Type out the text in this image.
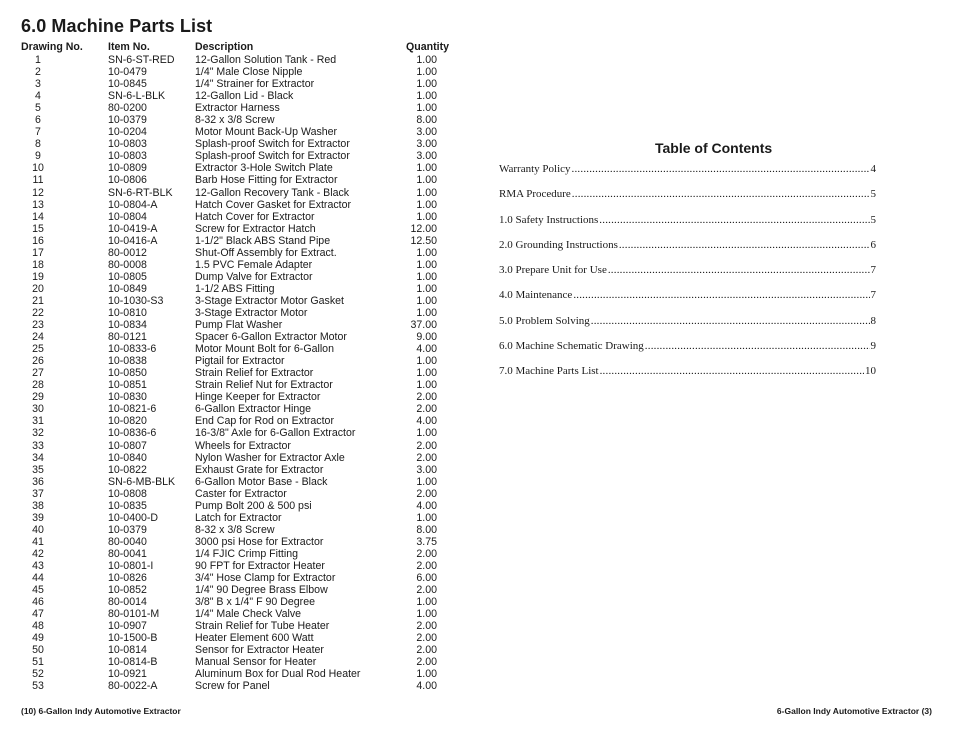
6.0 Machine Parts List
Drawing No.	Item No.	Description	Quantity
1	SN-6-ST-RED	12-Gallon Solution Tank - Red	1.00
2	10-0479	1/4" Male Close Nipple	1.00
3	10-0845	1/4" Strainer for Extractor	1.00
4	SN-6-L-BLK	12-Gallon Lid - Black	1.00
5	80-0200	Extractor Harness	1.00
6	10-0379	8-32 x 3/8 Screw	8.00
7	10-0204	Motor Mount Back-Up Washer	3.00
8	10-0803	Splash-proof Switch for Extractor	3.00
9	10-0803	Splash-proof Switch for Extractor	3.00
10	10-0809	Extractor 3-Hole Switch Plate	1.00
11	10-0806	Barb Hose Fitting for Extractor	1.00
12	SN-6-RT-BLK	12-Gallon Recovery Tank - Black	1.00
13	10-0804-A	Hatch Cover Gasket for Extractor	1.00
14	10-0804	Hatch Cover for Extractor	1.00
15	10-0419-A	Screw for Extractor Hatch	12.00
16	10-0416-A	1-1/2" Black ABS Stand Pipe	12.50
17	80-0012	Shut-Off Assembly for Extract.	1.00
18	80-0008	1.5 PVC Female Adapter	1.00
19	10-0805	Dump Valve for Extractor	1.00
20	10-0849	1-1/2 ABS Fitting	1.00
21	10-1030-S3	3-Stage Extractor Motor Gasket	1.00
22	10-0810	3-Stage Extractor Motor	1.00
23	10-0834	Pump Flat Washer	37.00
24	80-0121	Spacer 6-Gallon Extractor Motor	9.00
25	10-0833-6	Motor Mount Bolt for 6-Gallon	4.00
26	10-0838	Pigtail for Extractor	1.00
27	10-0850	Strain Relief for Extractor	1.00
28	10-0851	Strain Relief Nut for Extractor	1.00
29	10-0830	Hinge Keeper for Extractor	2.00
30	10-0821-6	6-Gallon Extractor Hinge	2.00
31	10-0820	End Cap for Rod on Extractor	4.00
32	10-0836-6	16-3/8" Axle for 6-Gallon Extractor	1.00
33	10-0807	Wheels for Extractor	2.00
34	10-0840	Nylon Washer for Extractor Axle	2.00
35	10-0822	Exhaust Grate for Extractor	3.00
36	SN-6-MB-BLK	6-Gallon Motor Base - Black	1.00
37	10-0808	Caster for Extractor	2.00
38	10-0835	Pump Bolt 200 & 500 psi	4.00
39	10-0400-D	Latch for Extractor	1.00
40	10-0379	8-32 x 3/8 Screw	8.00
41	80-0040	3000 psi Hose for Extractor	3.75
42	80-0041	1/4 FJIC Crimp Fitting	2.00
43	10-0801-I	90 FPT for Extractor Heater	2.00
44	10-0826	3/4" Hose Clamp for Extractor	6.00
45	10-0852	1/4" 90 Degree Brass Elbow	2.00
46	80-0014	3/8" B x 1/4" F 90 Degree	1.00
47	80-0101-M	1/4" Male Check Valve	1.00
48	10-0907	Strain Relief for Tube Heater	2.00
49	10-1500-B	Heater Element 600 Watt	2.00
50	10-0814	Sensor for Extractor Heater	2.00
51	10-0814-B	Manual Sensor for Heater	2.00
52	10-0921	Aluminum Box for Dual Rod Heater	1.00
53	80-0022-A	Screw for Panel	4.00
Table of Contents
Warranty Policy .....	4
RMA Procedure .....	5
1.0 Safety Instructions .....	5
2.0 Grounding Instructions .....	6
3.0 Prepare Unit for Use .....	7
4.0 Maintenance .....	7
5.0 Problem Solving .....	8
6.0 Machine Schematic Drawing .....	9
7.0 Machine Parts List .....	10
(10) 6-Gallon Indy Automotive Extractor	6-Gallon Indy Automotive Extractor (3)
